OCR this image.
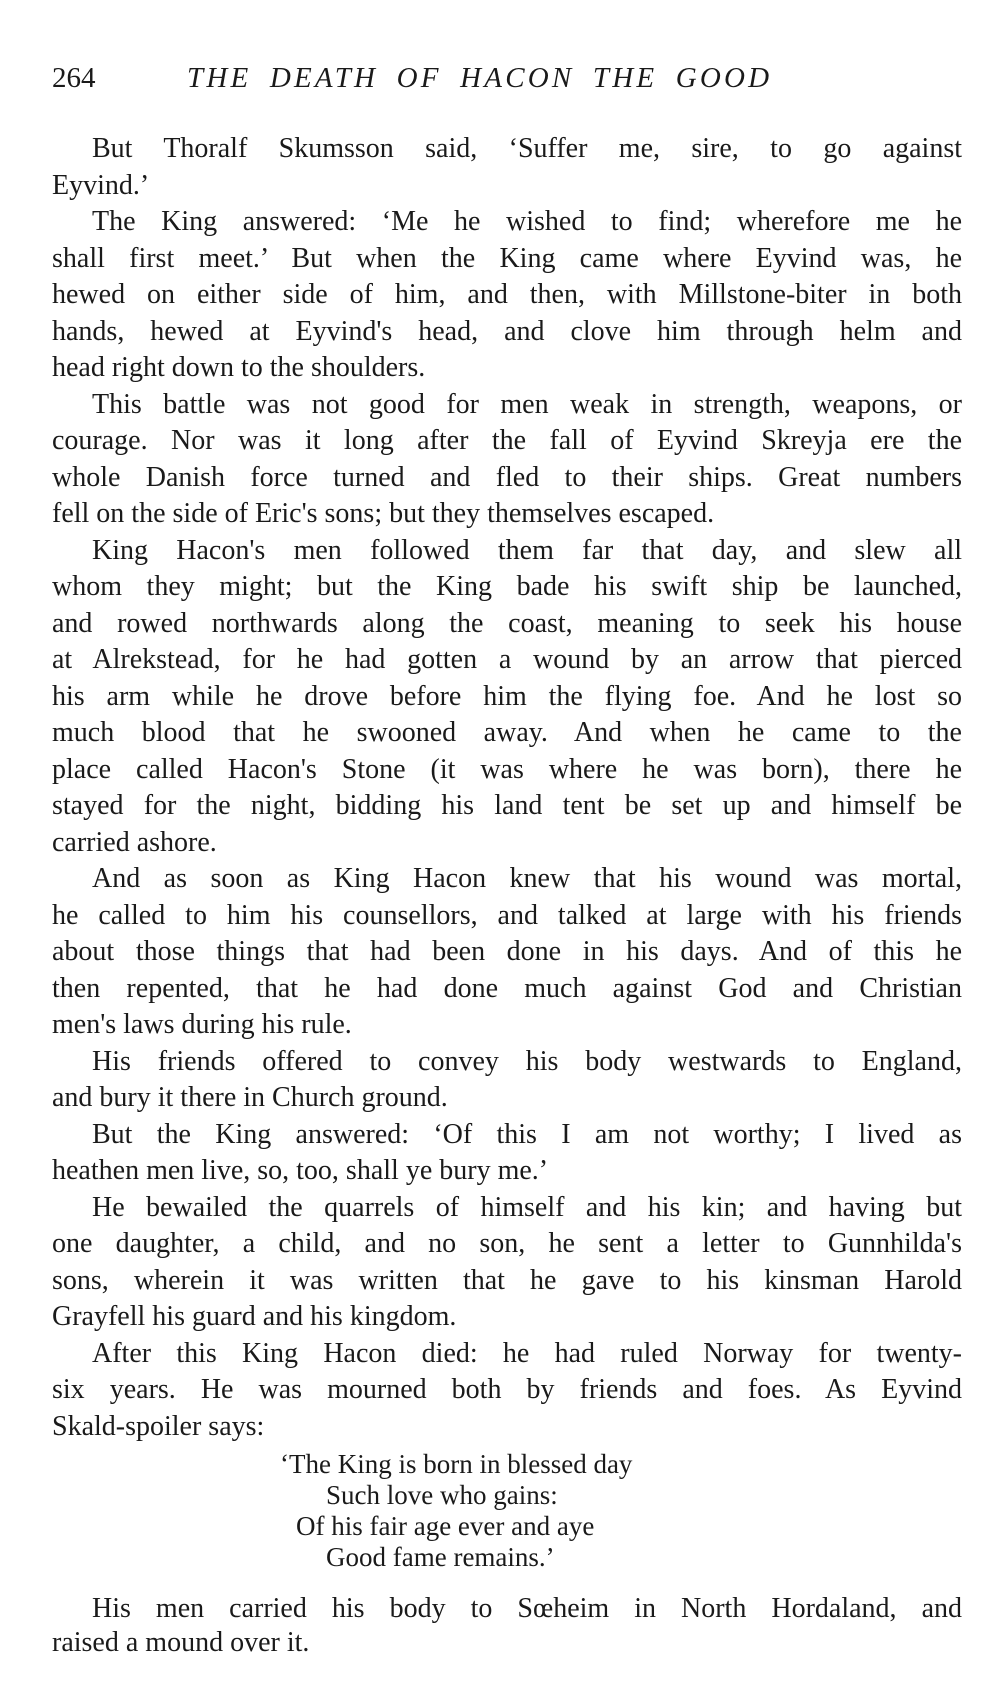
264	THE DEATH OF HACON THE GOOD
But Thoralf Skumsson said, ‘Suffer me, sire, to go against
Eyvind.’
The King answered: ‘Me he wished to find; wherefore me he
shall first meet.’ But when the King came where Eyvind was, he
hewed on either side of him, and then, with Millstone-biter in both
hands, hewed at Eyvind's head, and clove him through helm and
head right down to the shoulders.
This battle was not good for men weak in strength, weapons, or
courage. Nor was it long after the fall of Eyvind Skreyja ere the
whole Danish force turned and fled to their ships. Great numbers
fell on the side of Eric's sons; but they themselves escaped.
King Hacon's men followed them far that day, and slew all
whom they might; but the King bade his swift ship be launched,
and rowed northwards along the coast, meaning to seek his house
at Alrekstead, for he had gotten a wound by an arrow that pierced
his arm while he drove before him the flying foe. And he lost so
much blood that he swooned away. And when he came to the
place called Hacon's Stone (it was where he was born), there he
stayed for the night, bidding his land tent be set up and himself be
carried ashore.
And as soon as King Hacon knew that his wound was mortal,
he called to him his counsellors, and talked at large with his friends
about those things that had been done in his days. And of this he
then repented, that he had done much against God and Christian
men's laws during his rule.
His friends offered to convey his body westwards to England,
and bury it there in Church ground.
But the King answered: ‘Of this I am not worthy; I lived as
heathen men live, so, too, shall ye bury me.’
He bewailed the quarrels of himself and his kin; and having but
one daughter, a child, and no son, he sent a letter to Gunnhilda's
sons, wherein it was written that he gave to his kinsman Harold
Grayfell his guard and his kingdom.
After this King Hacon died: he had ruled Norway for twenty-
six years. He was mourned both by friends and foes. As Eyvind
Skald-spoiler says:
‘The King is born in blessed day
Such love who gains:
Of his fair age ever and aye
Good fame remains.’
His men carried his body to Sœheim in North Hordaland, and
raised a mound over it.
